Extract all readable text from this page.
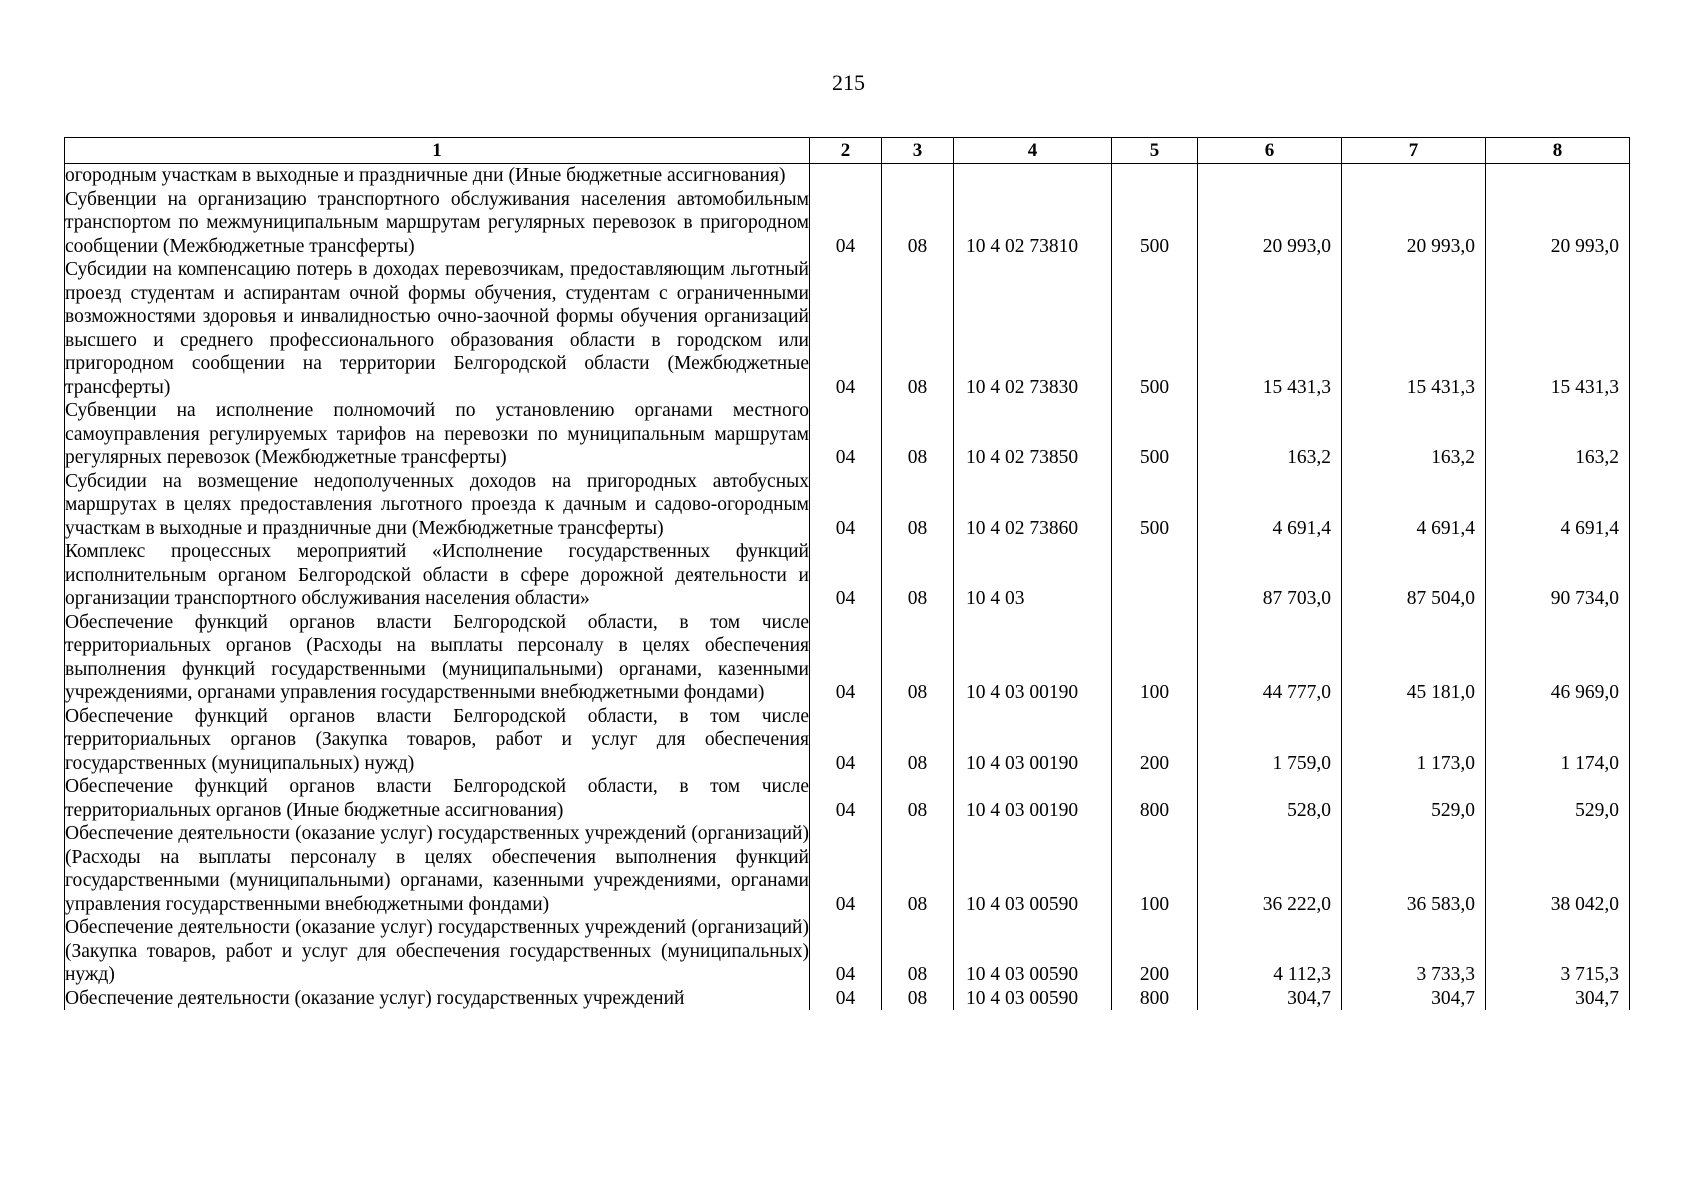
215
1	2	3	4	5	6	7	8
огородным участкам в выходные и праздничные дни (Иные бюджетные ассигнования)							
Субвенции на организацию транспортного обслуживания населения автомобильным транспортом по межмуниципальным маршрутам регулярных перевозок в пригородном сообщении (Межбюджетные трансферты)	04	08	10 4 02 73810	500	20 993,0	20 993,0	20 993,0
Субсидии на компенсацию потерь в доходах перевозчикам, предоставляющим льготный проезд студентам и аспирантам очной формы обучения, студентам с ограниченными возможностями здоровья и инвалидностью очно-заочной формы обучения организаций высшего и среднего профессионального образования области в городском или пригородном сообщении на территории Белгородской области (Межбюджетные трансферты)	04	08	10 4 02 73830	500	15 431,3	15 431,3	15 431,3
Субвенции на исполнение полномочий по установлению органами местного самоуправления регулируемых тарифов на перевозки по муниципальным маршрутам регулярных перевозок (Межбюджетные трансферты)	04	08	10 4 02 73850	500	163,2	163,2	163,2
Субсидии на возмещение недополученных доходов на пригородных автобусных маршрутах в целях предоставления льготного проезда к дачным и садово-огородным участкам в выходные и праздничные дни (Межбюджетные трансферты)	04	08	10 4 02 73860	500	4 691,4	4 691,4	4 691,4
Комплекс процессных мероприятий «Исполнение государственных функций исполнительным органом Белгородской области в сфере дорожной деятельности и организации транспортного обслуживания населения области»	04	08	10 4 03		87 703,0	87 504,0	90 734,0
Обеспечение функций органов власти Белгородской области, в том числе территориальных органов (Расходы на выплаты персоналу в целях обеспечения выполнения функций государственными (муниципальными) органами, казенными учреждениями, органами управления государственными внебюджетными фондами)	04	08	10 4 03 00190	100	44 777,0	45 181,0	46 969,0
Обеспечение функций органов власти Белгородской области, в том числе территориальных органов (Закупка товаров, работ и услуг для обеспечения государственных (муниципальных) нужд)	04	08	10 4 03 00190	200	1 759,0	1 173,0	1 174,0
Обеспечение функций органов власти Белгородской области, в том числе территориальных органов (Иные бюджетные ассигнования)	04	08	10 4 03 00190	800	528,0	529,0	529,0
Обеспечение деятельности (оказание услуг) государственных учреждений (организаций) (Расходы на выплаты персоналу в целях обеспечения выполнения функций государственными (муниципальными) органами, казенными учреждениями, органами управления государственными внебюджетными фондами)	04	08	10 4 03 00590	100	36 222,0	36 583,0	38 042,0
Обеспечение деятельности (оказание услуг) государственных учреждений (организаций) (Закупка товаров, работ и услуг для обеспечения государственных (муниципальных) нужд)	04	08	10 4 03 00590	200	4 112,3	3 733,3	3 715,3
Обеспечение деятельности (оказание услуг) государственных учреждений	04	08	10 4 03 00590	800	304,7	304,7	304,7
